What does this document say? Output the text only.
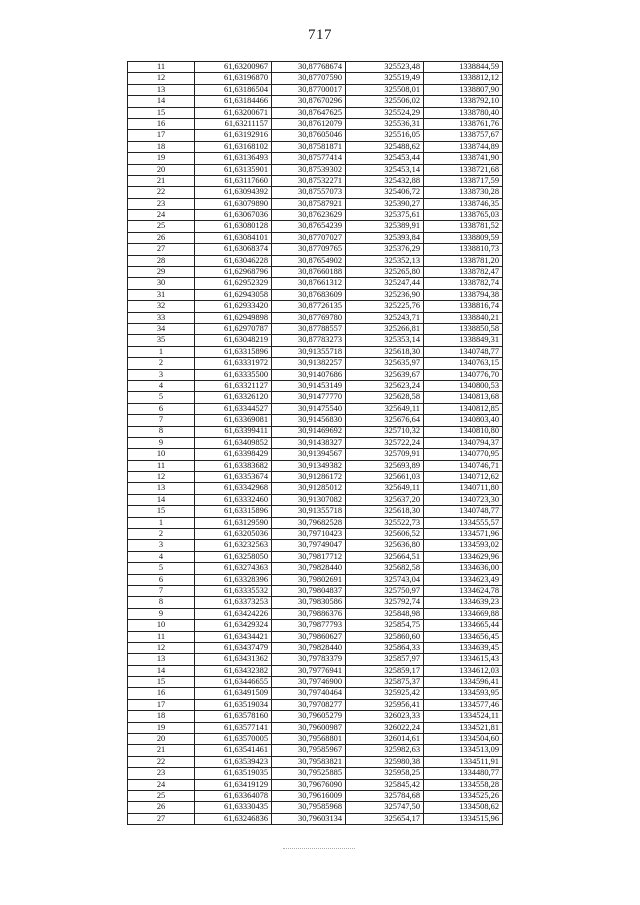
717
11	61,63200967	30,87768674	325523,48	1338844,59
12	61,63196870	30,87707590	325519,49	1338812,12
13	61,63186504	30,87700017	325508,01	1338807,90
14	61,63184466	30,87670296	325506,02	1338792,10
15	61,63200671	30,87647625	325524,29	1338780,40
16	61,63211157	30,87612079	325536,31	1338761,76
17	61,63192916	30,87605046	325516,05	1338757,67
18	61,63168102	30,87581871	325488,62	1338744,89
19	61,63136493	30,87577414	325453,44	1338741,90
20	61,63135901	30,87539302	325453,14	1338721,68
21	61,63117660	30,87532271	325432,88	1338717,59
22	61,63094392	30,87557073	325406,72	1338730,28
23	61,63079890	30,87587921	325390,27	1338746,35
24	61,63067036	30,87623629	325375,61	1338765,03
25	61,63080128	30,87654239	325389,91	1338781,52
26	61,63084101	30,87707027	325393,84	1338809,59
27	61,63068374	30,87709765	325376,29	1338810,73
28	61,63046228	30,87654902	325352,13	1338781,20
29	61,62968796	30,87660188	325265,80	1338782,47
30	61,62952329	30,87661312	325247,44	1338782,74
31	61,62943058	30,87683609	325236,90	1338794,38
32	61,62933420	30,87726135	325225,76	1338816,74
33	61,62949898	30,87769780	325243,71	1338840,21
34	61,62970787	30,87788557	325266,81	1338850,58
35	61,63048219	30,87783273	325353,14	1338849,31
1	61,63315896	30,91355718	325618,30	1340748,77
2	61,63331972	30,91382257	325635,97	1340763,15
3	61,63335500	30,91407686	325639,67	1340776,70
4	61,63321127	30,91453149	325623,24	1340800,53
5	61,63326120	30,91477770	325628,58	1340813,68
6	61,63344527	30,91475540	325649,11	1340812,85
7	61,63369081	30,91456830	325676,64	1340803,40
8	61,63399411	30,91469692	325710,32	1340810,80
9	61,63409852	30,91438327	325722,24	1340794,37
10	61,63398429	30,91394567	325709,91	1340770,95
11	61,63383682	30,91349382	325693,89	1340746,71
12	61,63353674	30,91286172	325661,03	1340712,62
13	61,63342968	30,91285012	325649,11	1340711,80
14	61,63332460	30,91307082	325637,20	1340723,30
15	61,63315896	30,91355718	325618,30	1340748,77
1	61,63129590	30,79682528	325522,73	1334555,57
2	61,63205036	30,79710423	325606,52	1334571,96
3	61,63232563	30,79749047	325636,80	1334593,02
4	61,63258050	30,79817712	325664,51	1334629,96
5	61,63274363	30,79828440	325682,58	1334636,00
6	61,63328396	30,79802691	325743,04	1334623,49
7	61,63335532	30,79804837	325750,97	1334624,78
8	61,63373253	30,79830586	325792,74	1334639,23
9	61,63424226	30,79886376	325848,98	1334669,88
10	61,63429324	30,79877793	325854,75	1334665,44
11	61,63434421	30,79860627	325860,60	1334656,45
12	61,63437479	30,79828440	325864,33	1334639,45
13	61,63431362	30,79783379	325857,97	1334615,43
14	61,63432382	30,79776941	325859,17	1334612,03
15	61,63446655	30,79746900	325875,37	1334596,41
16	61,63491509	30,79740464	325925,42	1334593,95
17	61,63519034	30,79708277	325956,41	1334577,46
18	61,63578160	30,79605279	326023,33	1334524,11
19	61,63577141	30,79600987	326022,24	1334521,81
20	61,63570005	30,79568801	326014,61	1334504,60
21	61,63541461	30,79585967	325982,63	1334513,09
22	61,63539423	30,79583821	325980,38	1334511,91
23	61,63519035	30,79525885	325958,25	1334480,77
24	61,63419129	30,79676090	325845,42	1334558,28
25	61,63364078	30,79616009	325784,68	1334525,26
26	61,63330435	30,79585968	325747,50	1334508,62
27	61,63246836	30,79603134	325654,17	1334515,96
